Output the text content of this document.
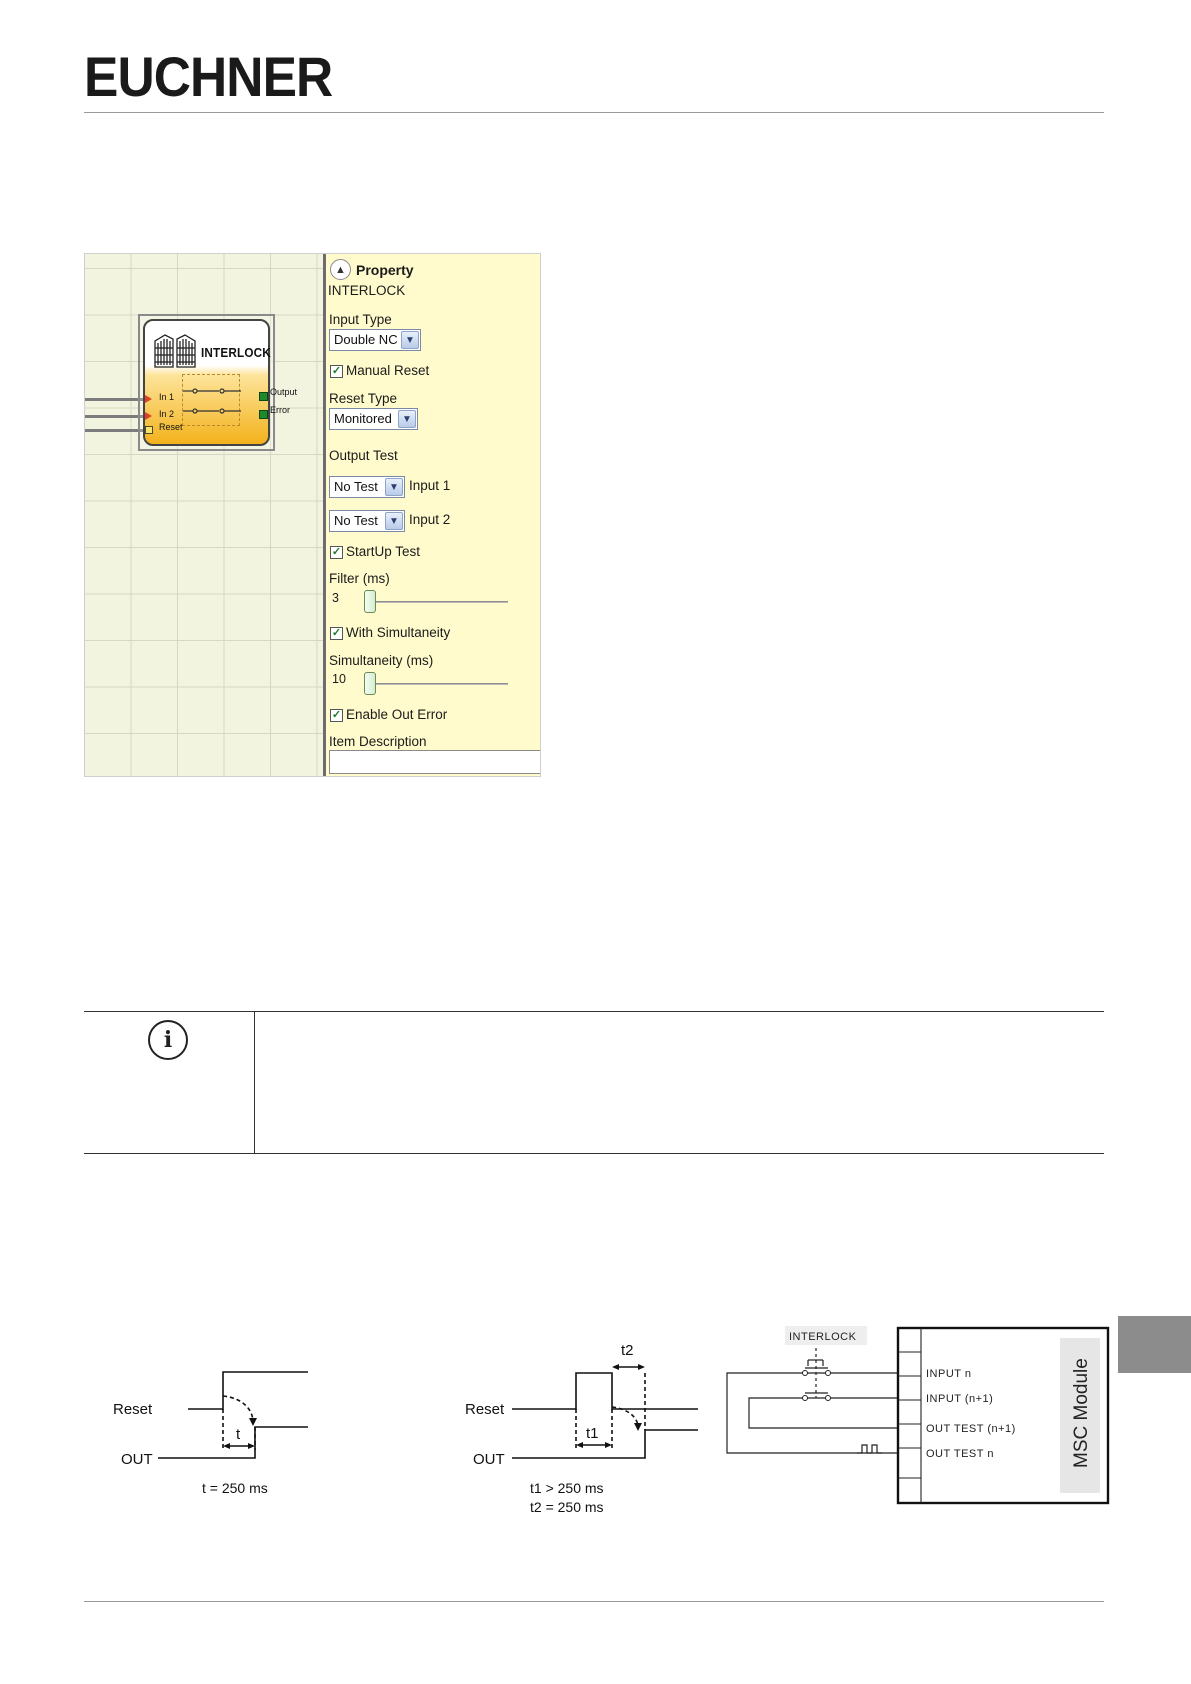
EUCHNER
INTERLOCK
In 1
In 2
Reset
Output
Error
▲ Property
INTERLOCK
Input Type
Double NC ▼
✓ Manual Reset
Reset Type
Monitored	▼
Output Test
No Test	▼ Input 1
No Test	▼ Input 2
✓ StartUp Test
Filter (ms)
3
✓ With Simultaneity
Simultaneity (ms)
10
✓ Enable Out Error
Item Description
i
Reset
OUT
t
t = 250 ms
Reset
OUT
t1
t2
t1 > 250 ms
t2 = 250 ms
INTERLOCK
INPUT n
INPUT (n+1)
OUT TEST (n+1)
OUT TEST n	MSC Module
